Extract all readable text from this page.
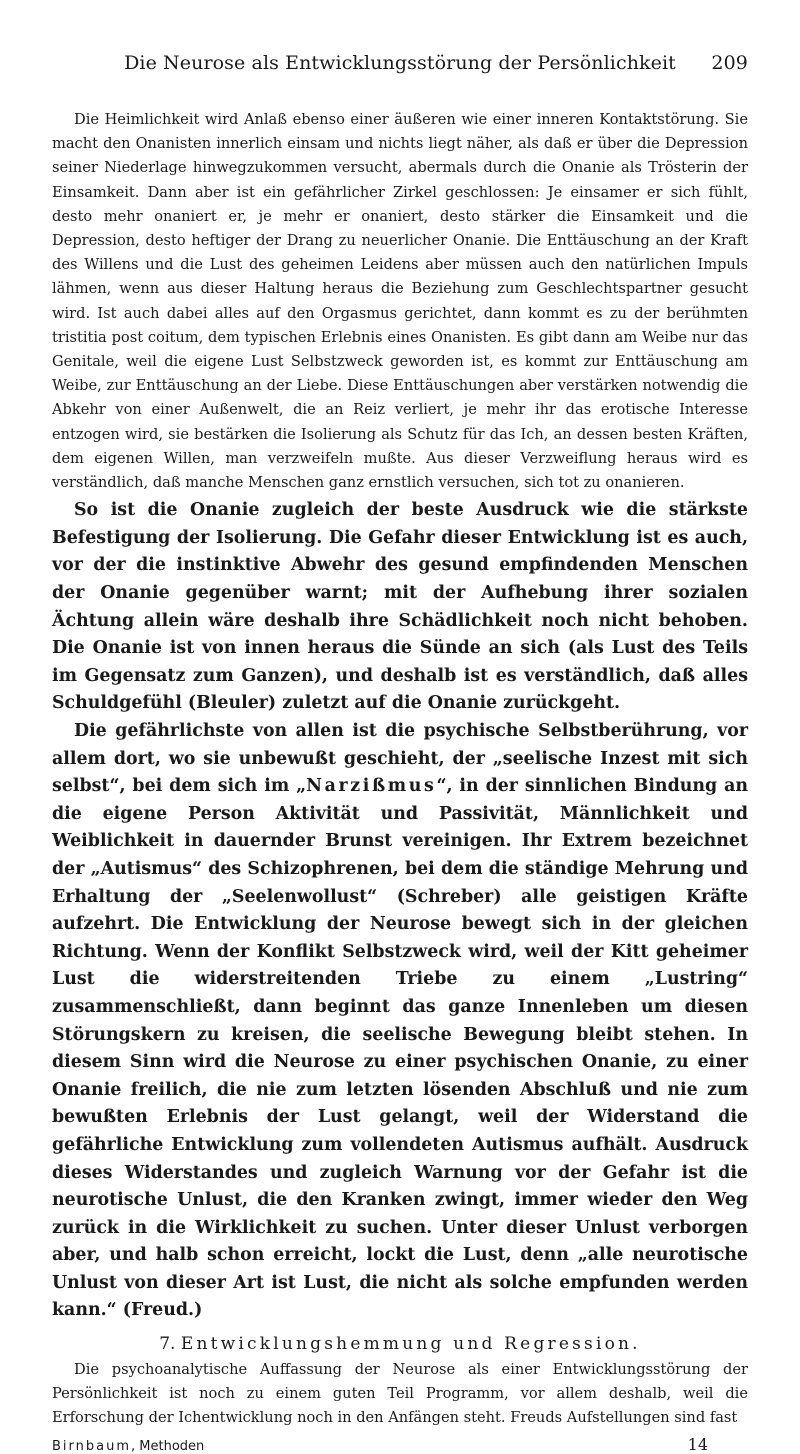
Die Neurose als Entwicklungsstörung der Persönlichkeit	209

Die Heimlichkeit wird Anlaß ebenso einer äußeren wie einer inneren Kontaktstörung. Sie macht den Onanisten innerlich einsam und nichts liegt näher, als daß er über die Depression seiner Niederlage hinwegzukommen versucht, abermals durch die Onanie als Trösterin der Einsamkeit. Dann aber ist ein gefährlicher Zirkel geschlossen: Je einsamer er sich fühlt, desto mehr onaniert er, je mehr er onaniert, desto stärker die Einsamkeit und die Depression, desto heftiger der Drang zu neuerlicher Onanie. Die Enttäuschung an der Kraft des Willens und die Lust des geheimen Leidens aber müssen auch den natürlichen Impuls lähmen, wenn aus dieser Haltung heraus die Beziehung zum Geschlechtspartner gesucht wird. Ist auch dabei alles auf den Orgasmus gerichtet, dann kommt es zu der berühmten tristitia post coitum, dem typischen Erlebnis eines Onanisten. Es gibt dann am Weibe nur das Genitale, weil die eigene Lust Selbstzweck geworden ist, es kommt zur Enttäuschung am Weibe, zur Enttäuschung an der Liebe. Diese Enttäuschungen aber verstärken notwendig die Abkehr von einer Außenwelt, die an Reiz verliert, je mehr ihr das erotische Interesse entzogen wird, sie bestärken die Isolierung als Schutz für das Ich, an dessen besten Kräften, dem eigenen Willen, man verzweifeln mußte. Aus dieser Verzweiflung heraus wird es verständlich, daß manche Menschen ganz ernstlich versuchen, sich tot zu onanieren.

So ist die Onanie zugleich der beste Ausdruck wie die stärkste Befestigung der Isolierung. Die Gefahr dieser Entwicklung ist es auch, vor der die instinktive Abwehr des gesund empfindenden Menschen der Onanie gegenüber warnt; mit der Aufhebung ihrer sozialen Ächtung allein wäre deshalb ihre Schädlichkeit noch nicht behoben. Die Onanie ist von innen heraus die Sünde an sich (als Lust des Teils im Gegensatz zum Ganzen), und deshalb ist es verständlich, daß alles Schuldgefühl (Bleuler) zuletzt auf die Onanie zurückgeht.

Die gefährlichste von allen ist die psychische Selbstberührung, vor allem dort, wo sie unbewußt geschieht, der „seelische Inzest mit sich selbst“, bei dem sich im „Narzißmus“, in der sinnlichen Bindung an die eigene Person Aktivität und Passivität, Männlichkeit und Weiblichkeit in dauernder Brunst vereinigen. Ihr Extrem bezeichnet der „Autismus“ des Schizophrenen, bei dem die ständige Mehrung und Erhaltung der „Seelenwollust“ (Schreber) alle geistigen Kräfte aufzehrt. Die Entwicklung der Neurose bewegt sich in der gleichen Richtung. Wenn der Konflikt Selbstzweck wird, weil der Kitt geheimer Lust die widerstreitenden Triebe zu einem „Lustring“ zusammenschließt, dann beginnt das ganze Innenleben um diesen Störungskern zu kreisen, die seelische Bewegung bleibt stehen. In diesem Sinn wird die Neurose zu einer psychischen Onanie, zu einer Onanie freilich, die nie zum letzten lösenden Abschluß und nie zum bewußten Erlebnis der Lust gelangt, weil der Widerstand die gefährliche Entwicklung zum vollendeten Autismus aufhält. Ausdruck dieses Widerstandes und zugleich Warnung vor der Gefahr ist die neurotische Unlust, die den Kranken zwingt, immer wieder den Weg zurück in die Wirklichkeit zu suchen. Unter dieser Unlust verborgen aber, und halb schon erreicht, lockt die Lust, denn „alle neurotische Unlust von dieser Art ist Lust, die nicht als solche empfunden werden kann.“ (Freud.)

7. Entwicklungshemmung und Regression.

Die psychoanalytische Auffassung der Neurose als einer Entwicklungsstörung der Persönlichkeit ist noch zu einem guten Teil Programm, vor allem deshalb, weil die Erforschung der Ichentwicklung noch in den Anfängen steht. Freuds Aufstellungen sind fast

Birnbaum, Methoden	14
